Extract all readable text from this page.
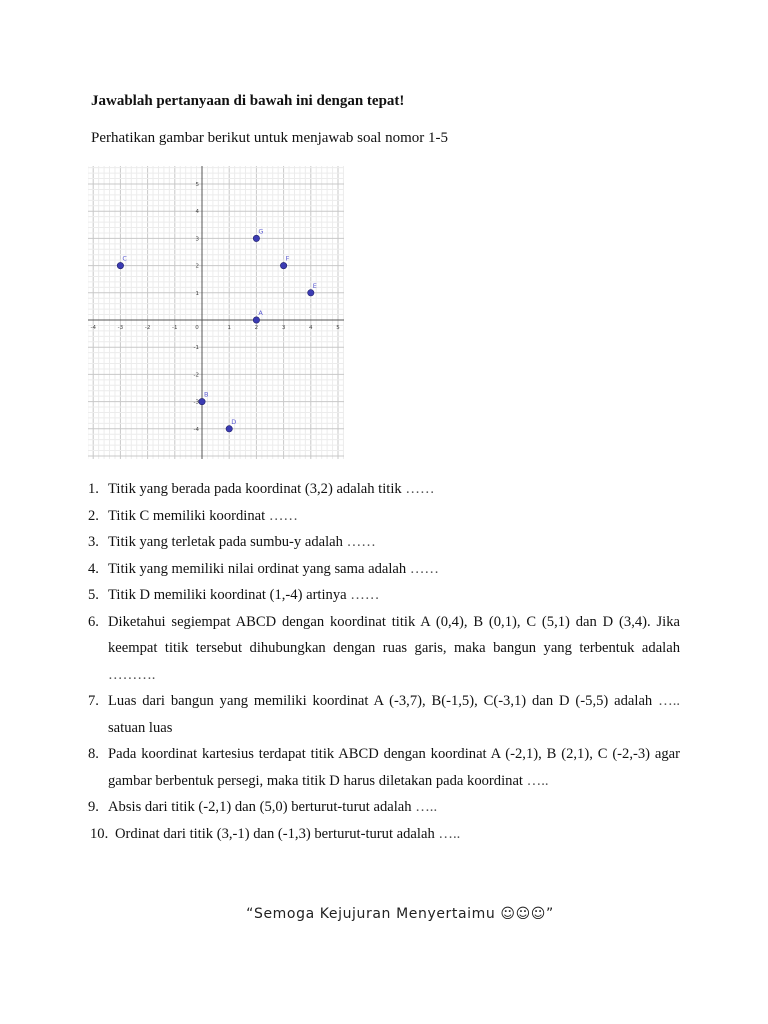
Jawablah pertanyaan di bawah ini dengan tepat!

Perhatikan gambar berikut untuk menjawab soal nomor 1-5

-4	-3	-2	-1	0	1	2	3	4	5
5
4
3
2
1
-1
-2
-3
-4
A
B
C
D
E
F
G
1. Titik yang berada pada koordinat (3,2) adalah titik ……
2. Titik C memiliki koordinat ……
3. Titik yang terletak pada sumbu-y adalah ……
4. Titik yang memiliki nilai ordinat yang sama adalah ……
5. Titik D memiliki koordinat (1,-4) artinya ……
6. Diketahui segiempat ABCD dengan koordinat titik A (0,4), B (0,1), C (5,1) dan D (3,4). Jika keempat titik tersebut dihubungkan dengan ruas garis, maka bangun yang terbentuk adalah ……….
7. Luas dari bangun yang memiliki koordinat A (-3,7), B(-1,5), C(-3,1) dan D (-5,5) adalah ….. satuan luas
8. Pada koordinat kartesius terdapat titik ABCD dengan koordinat A (-2,1), B (2,1), C (-2,-3) agar gambar berbentuk persegi, maka titik D harus diletakan pada koordinat …..
9. Absis dari titik (-2,1) dan (5,0) berturut-turut adalah …..
10. Ordinat dari titik (3,-1) dan (-1,3) berturut-turut adalah …..
“Semoga Kejujuran Menyertaimu ☺☺☺”
